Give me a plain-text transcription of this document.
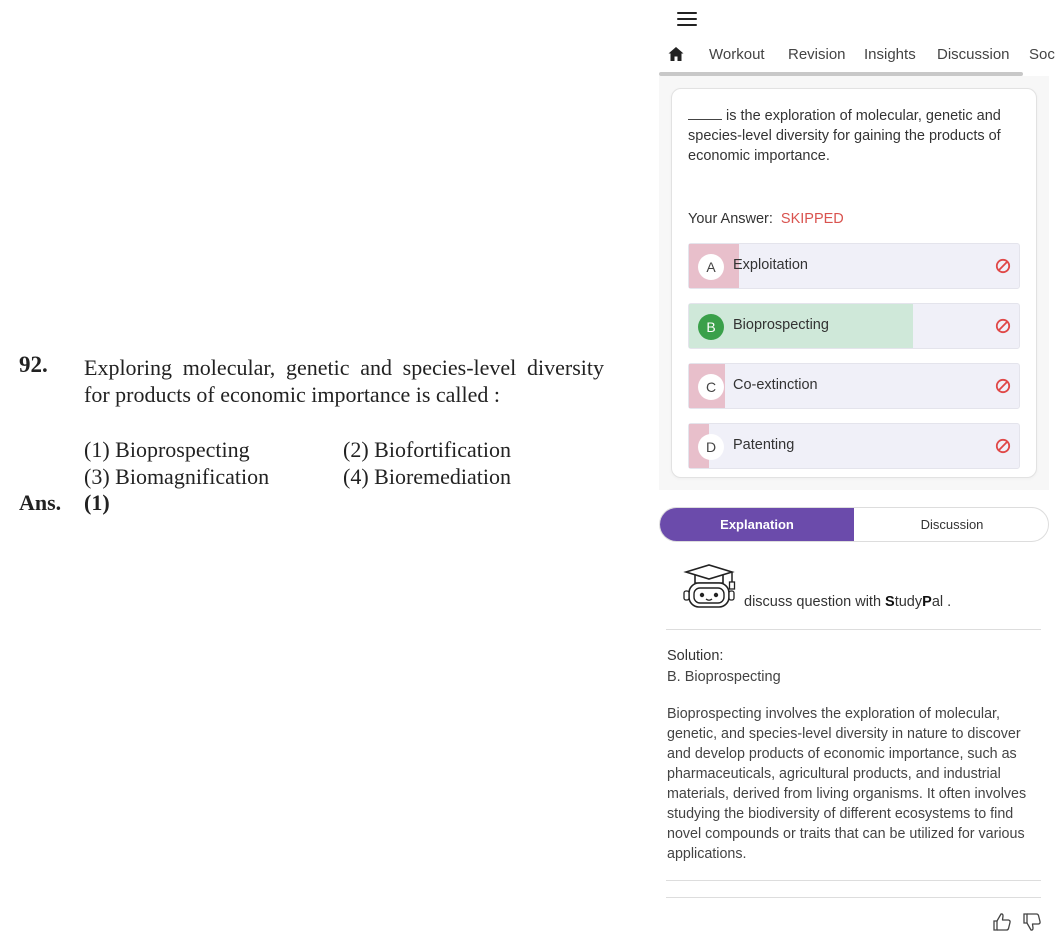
92. Exploring molecular, genetic and species-level diversity for products of economic importance is called :
(1) Bioprospecting	(2) Biofortification
(3) Biomagnification	(4) Bioremediation
Ans. (1)
Workout Revision Insights Discussion Soc
is the exploration of molecular, genetic and species-level diversity for gaining the products of economic importance.
Your Answer: SKIPPED
A	Exploitation
B	Bioprospecting
C	Co-extinction
D	Patenting
Explanation	Discussion
discuss question with StudyPal .
Solution:
B. Bioprospecting
Bioprospecting involves the exploration of molecular, genetic, and species-level diversity in nature to discover and develop products of economic importance, such as pharmaceuticals, agricultural products, and industrial materials, derived from living organisms. It often involves studying the biodiversity of different ecosystems to find novel compounds or traits that can be utilized for various applications.
